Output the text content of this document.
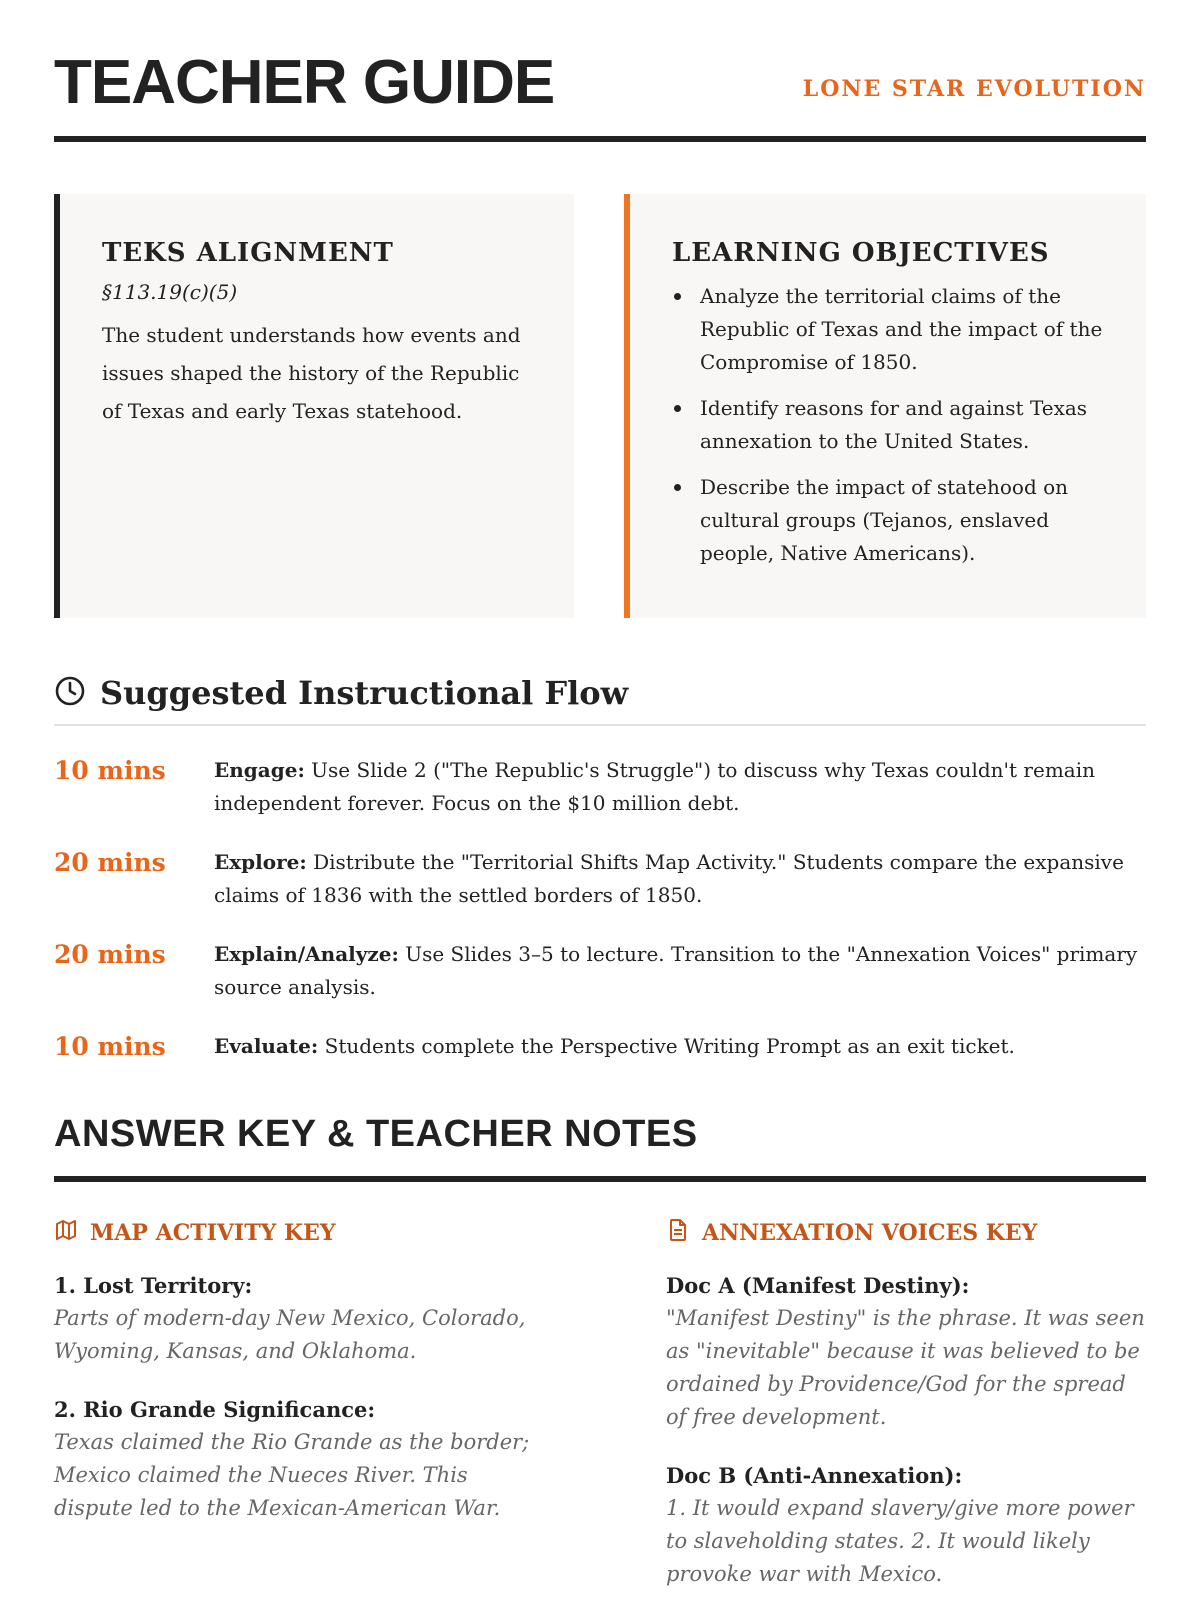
TEACHER GUIDE	LONE STAR EVOLUTION
TEKS ALIGNMENT
§113.19(c)(5)

The student understands how events and issues shaped the history of the Republic of Texas and early Texas statehood.

LEARNING OBJECTIVES
Analyze the territorial claims of the Republic of Texas and the impact of the Compromise of 1850.
Identify reasons for and against Texas annexation to the United States.
Describe the impact of statehood on cultural groups (Tejanos, enslaved people, Native Americans).
Suggested Instructional Flow
10 mins	Engage: Use Slide 2 ("The Republic's Struggle") to discuss why Texas couldn't remain independent forever. Focus on the $10 million debt.
20 mins	Explore: Distribute the "Territorial Shifts Map Activity." Students compare the expansive claims of 1836 with the settled borders of 1850.
20 mins	Explain/Analyze: Use Slides 3–5 to lecture. Transition to the "Annexation Voices" primary source analysis.
10 mins	Evaluate: Students complete the Perspective Writing Prompt as an exit ticket.
ANSWER KEY & TEACHER NOTES
MAP ACTIVITY KEY
1. Lost Territory:
Parts of modern-day New Mexico, Colorado, Wyoming, Kansas, and Oklahoma.
2. Rio Grande Significance:
Texas claimed the Rio Grande as the border; Mexico claimed the Nueces River. This dispute led to the Mexican-American War.
ANNEXATION VOICES KEY
Doc A (Manifest Destiny):
"Manifest Destiny" is the phrase. It was seen as "inevitable" because it was believed to be ordained by Providence/God for the spread of free development.
Doc B (Anti-Annexation):
1. It would expand slavery/give more power to slaveholding states. 2. It would likely provoke war with Mexico.
